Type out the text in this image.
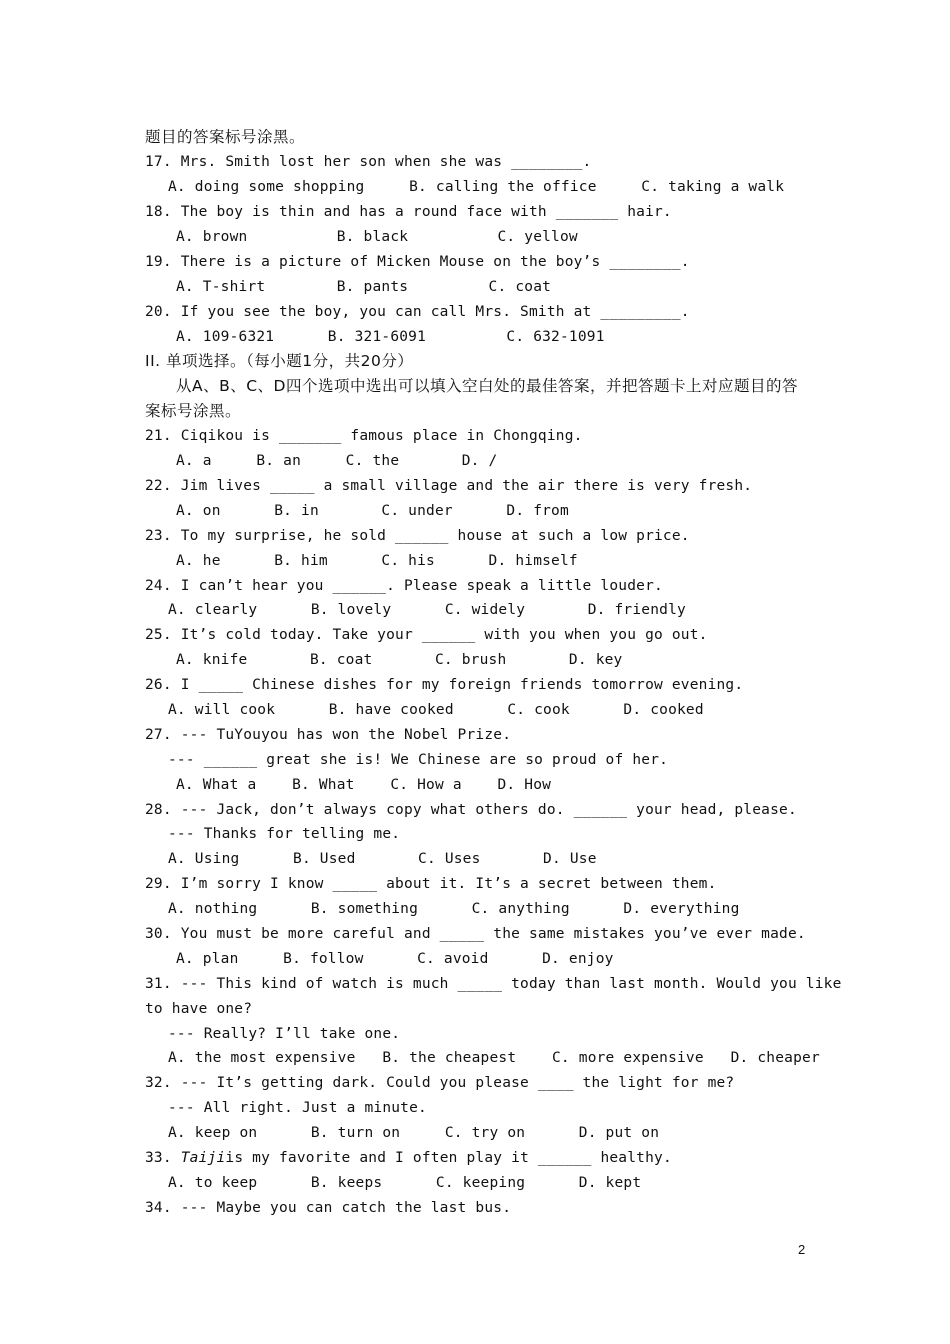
题目的答案标号涂黑。
17. Mrs. Smith lost her son when she was ________.
A. doing some shopping     B. calling the office     C. taking a walk
18. The boy is thin and has a round face with _______ hair.
A. brown          B. black          C. yellow
19. There is a picture of Micken Mouse on the boy’s ________.
A. T-shirt        B. pants         C. coat
20. If you see the boy, you can call Mrs. Smith at _________.
A. 109-6321      B. 321-6091         C. 632-1091
II. 单项选择。（每小题1分，共20分）
从A、B、C、D四个选项中选出可以填入空白处的最佳答案，并把答题卡上对应题目的答
案标号涂黑。
21. Ciqikou is _______ famous place in Chongqing.
A. a     B. an     C. the       D. /
22. Jim lives _____ a small village and the air there is very fresh.
A. on      B. in       C. under      D. from
23. To my surprise, he sold ______ house at such a low price.
A. he      B. him      C. his      D. himself
24. I can’t hear you ______. Please speak a little louder.
A. clearly      B. lovely      C. widely       D. friendly
25. It’s cold today. Take your ______ with you when you go out.
A. knife       B. coat       C. brush       D. key
26. I _____ Chinese dishes for my foreign friends tomorrow evening.
A. will cook      B. have cooked      C. cook      D. cooked
27. --- TuYouyou has won the Nobel Prize.
--- ______ great she is! We Chinese are so proud of her.
A. What a    B. What    C. How a    D. How
28. --- Jack, don’t always copy what others do. ______ your head, please.
--- Thanks for telling me.
A. Using      B. Used       C. Uses       D. Use
29. I’m sorry I know _____ about it. It’s a secret between them.
A. nothing      B. something      C. anything      D. everything
30. You must be more careful and _____ the same mistakes you’ve ever made.
A. plan     B. follow      C. avoid      D. enjoy
31. --- This kind of watch is much _____ today than last month. Would you like
to have one?
--- Really? I’ll take one.
A. the most expensive   B. the cheapest    C. more expensive   D. cheaper
32. --- It’s getting dark. Could you please ____ the light for me?
--- All right. Just a minute.
A. keep on      B. turn on     C. try on      D. put on
33. Taijiis my favorite and I often play it ______ healthy.
A. to keep      B. keeps      C. keeping      D. kept
34. --- Maybe you can catch the last bus.
2
